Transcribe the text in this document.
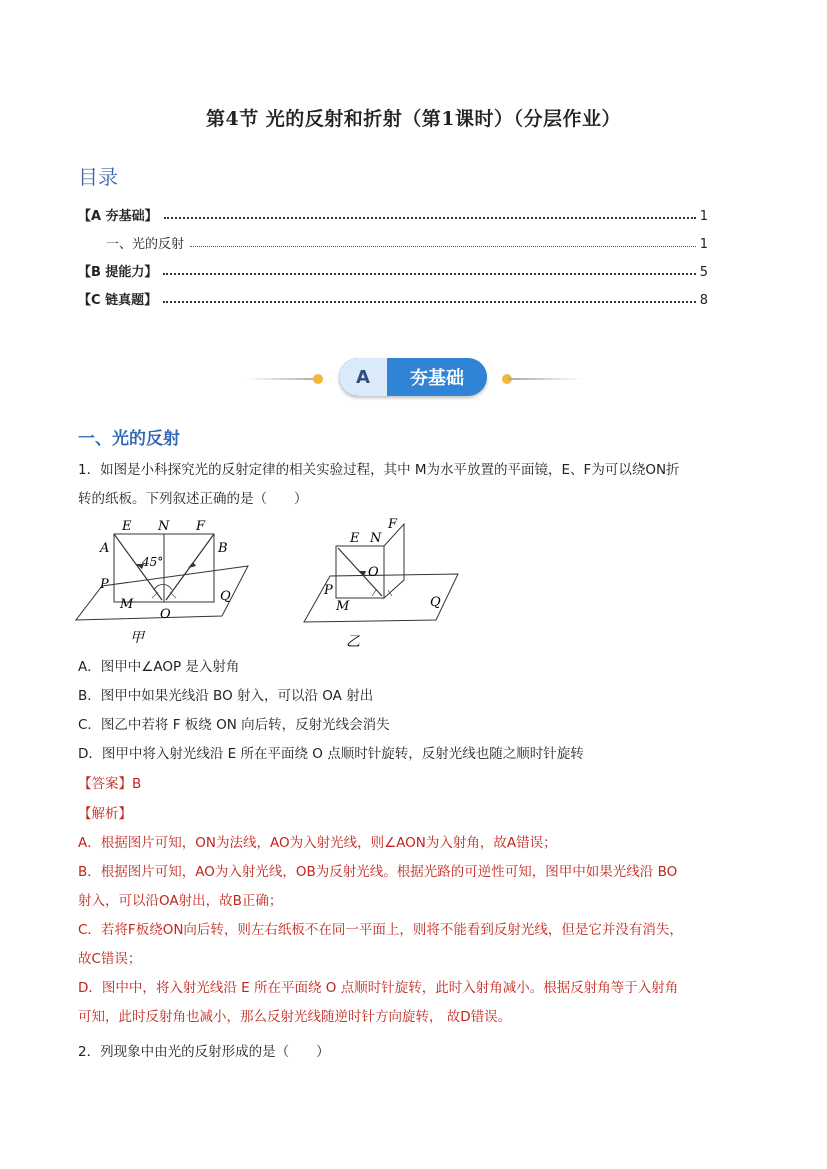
第4节 光的反射和折射（第1课时）（分层作业）
目录
【A 夯基础】	1
一、光的反射	1
【B 提能力】	5
【C 链真题】	8
A	夯基础
一、光的反射
1．如图是小科探究光的反射定律的相关实验过程，其中 M为水平放置的平面镜，E、F为可以绕ON折
转的纸板。下列叙述正确的是（　　）
E N F
A	B
45°
P
O
M
Q
甲
F
E N
O
P
M	Q
乙
A．图甲中∠AOP 是入射角
B．图甲中如果光线沿 BO 射入，可以沿 OA 射出
C．图乙中若将 F 板绕 ON 向后转，反射光线会消失
D．图甲中将入射光线沿 E 所在平面绕 O 点顺时针旋转，反射光线也随之顺时针旋转
【答案】B
【解析】
A．根据图片可知，ON为法线，AO为入射光线，则∠AON为入射角，故A错误；
B．根据图片可知，AO为入射光线，OB为反射光线。根据光路的可逆性可知，图甲中如果光线沿 BO
射入，可以沿OA射出，故B正确；
C．若将F板绕ON向后转，则左右纸板不在同一平面上，则将不能看到反射光线，但是它并没有消失，
故C错误；
D．图中中，将入射光线沿 E 所在平面绕 O 点顺时针旋转，此时入射角减小。根据反射角等于入射角
可知，此时反射角也减小，那么反射光线随逆时针方向旋转， 故D错误。
2．列现象中由光的反射形成的是（　　）
